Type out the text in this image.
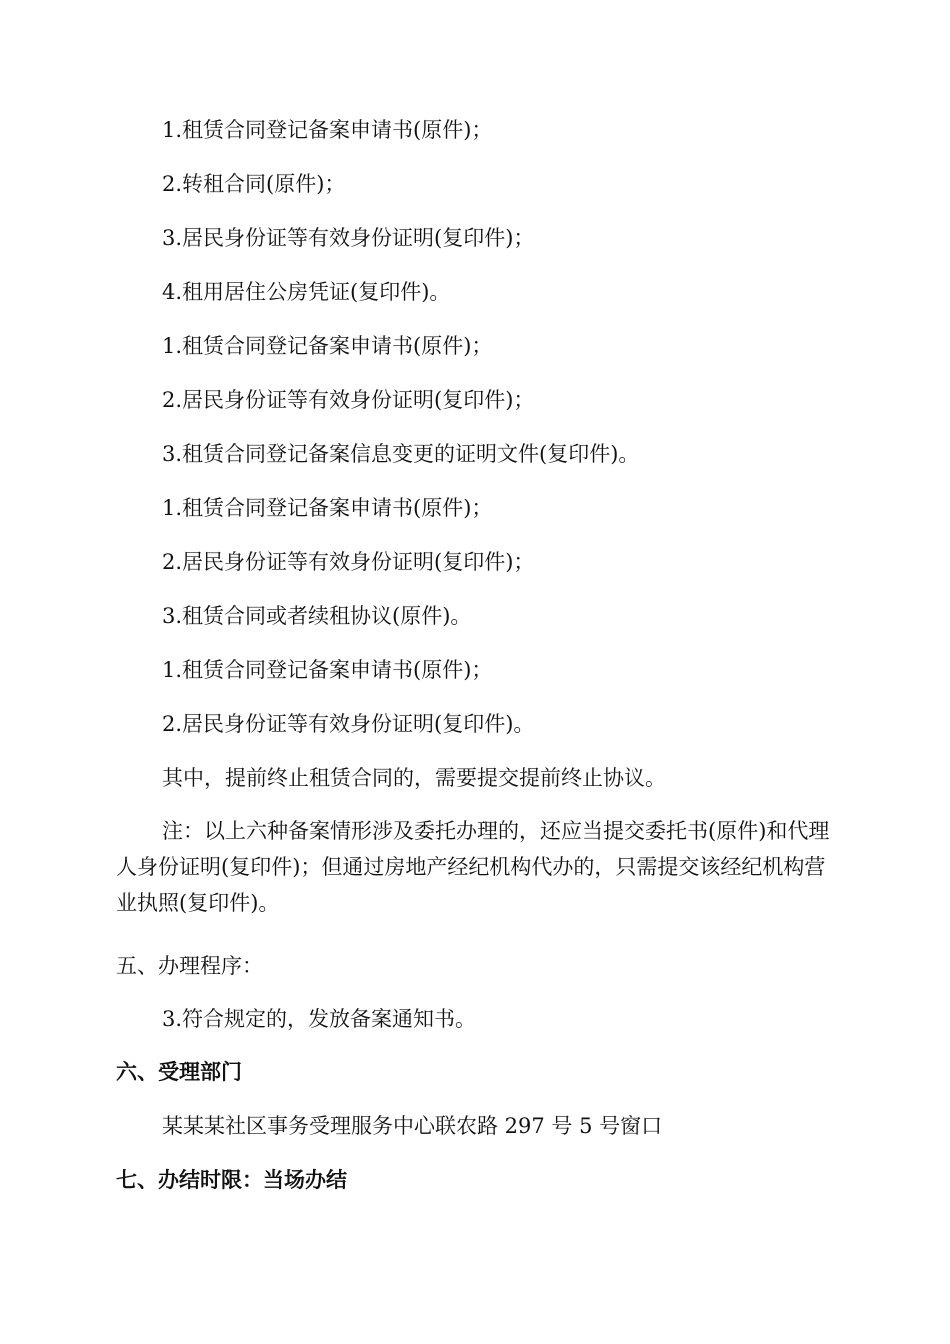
1.租赁合同登记备案申请书(原件)；
2.转租合同(原件)；
3.居民身份证等有效身份证明(复印件)；
4.租用居住公房凭证(复印件)。
1.租赁合同登记备案申请书(原件)；
2.居民身份证等有效身份证明(复印件)；
3.租赁合同登记备案信息变更的证明文件(复印件)。
1.租赁合同登记备案申请书(原件)；
2.居民身份证等有效身份证明(复印件)；
3.租赁合同或者续租协议(原件)。
1.租赁合同登记备案申请书(原件)；
2.居民身份证等有效身份证明(复印件)。
其中，提前终止租赁合同的，需要提交提前终止协议。
注：以上六种备案情形涉及委托办理的，还应当提交委托书(原件)和代理人身份证明(复印件)；但通过房地产经纪机构代办的，只需提交该经纪机构营业执照(复印件)。
五、办理程序：
3.符合规定的，发放备案通知书。
六、受理部门
某某某社区事务受理服务中心联农路 297 号 5 号窗口
七、办结时限：当场办结
